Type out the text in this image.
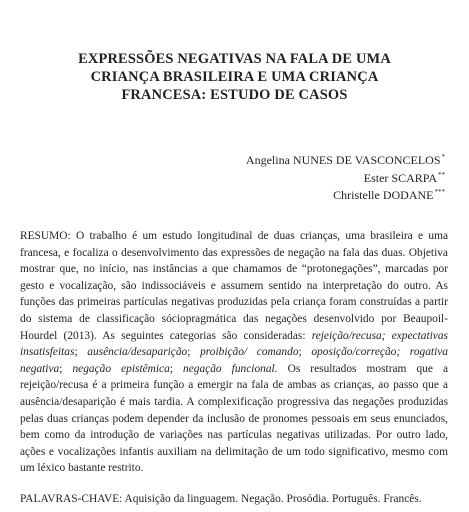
EXPRESSÕES NEGATIVAS NA FALA DE UMA
CRIANÇA BRASILEIRA E UMA CRIANÇA
FRANCESA: ESTUDO DE CASOS
Angelina NUNES DE VASCONCELOS*
Ester SCARPA**
Christelle DODANE***

RESUMO: O trabalho é um estudo longitudinal de duas crianças, uma brasileira e uma francesa, e focaliza o desenvolvimento das expressões de negação na fala das duas. Objetiva mostrar que, no início, nas instâncias a que chamamos de “protonegações”, marcadas por gesto e vocalização, são indissociáveis e assumem sentido na interpretação do outro. As funções das primeiras partículas negativas produzidas pela criança foram construídas a partir do sistema de classificação sóciopragmática das negações desenvolvido por Beaupoil-Hourdel (2013). As seguintes categorias são consideradas: rejeição/recusa; expectativas insatisfeitas; ausência/desaparição; proibição/ comando; oposição/correção; rogativa negativa; negação epistêmica; negação funcional. Os resultados mostram que a rejeição/recusa é a primeira função a emergir na fala de ambas as crianças, ao passo que a ausência/desaparição é mais tardia. A complexificação progressiva das negações produzidas pelas duas crianças podem depender da inclusão de pronomes pessoais em seus enunciados, bem como da introdução de variações nas partículas negativas utilizadas. Por outro lado, ações e vocalizações infantis auxiliam na delimitação de um todo significativo, mesmo com um léxico bastante restrito.

PALAVRAS-CHAVE: Aquisição da linguagem. Negação. Prosódia. Português. Francês.
